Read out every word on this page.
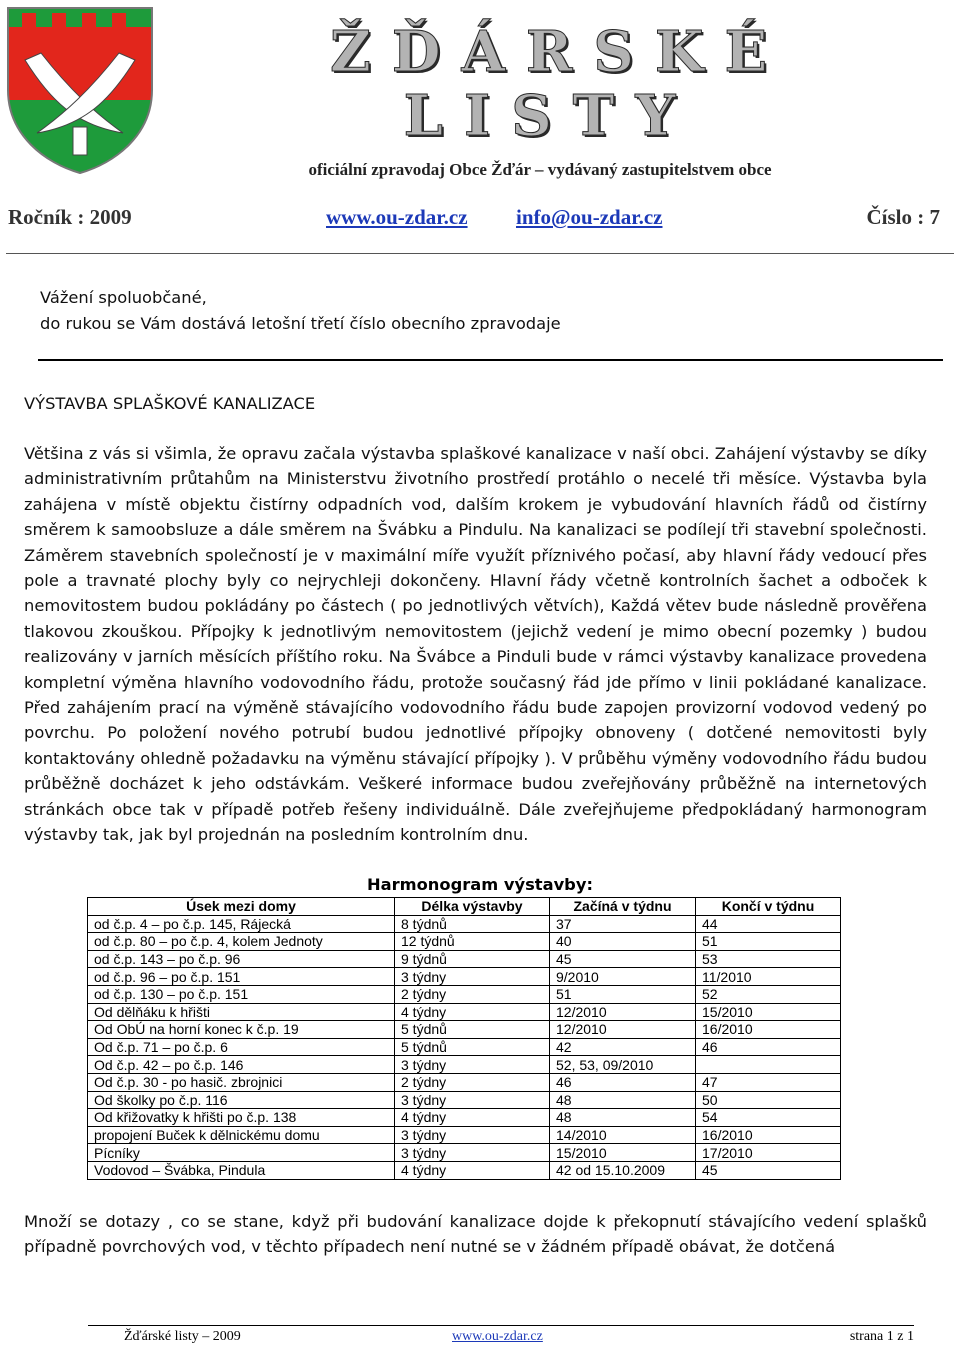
ŽĎÁRSKÉ
LISTY
oficiální zpravodaj Obce Žďár – vydávaný zastupitelstvem obce
Ročník : 2009	www.ou-zdar.cz info@ou-zdar.cz	Číslo : 7
Vážení spoluobčané,
do rukou se Vám dostává letošní třetí číslo obecního zpravodaje
VÝSTAVBA SPLAŠKOVÉ KANALIZACE

Většina z vás si všimla, že opravu začala výstavba splaškové kanalizace v naší obci. Zahájení výstavby se díky administrativním průtahům na Ministerstvu životního prostředí protáhlo o necelé tři měsíce. Výstavba byla zahájena v místě objektu čistírny odpadních vod, dalším krokem je vybudování hlavních řádů od čistírny směrem k samoobsluze a dále směrem na Švábku a Pindulu. Na kanalizaci se podílejí tři stavební společnosti. Záměrem stavebních společností je v maximální míře využít příznivého počasí, aby hlavní řády vedoucí přes pole a travnaté plochy byly co nejrychleji dokončeny. Hlavní řády včetně kontrolních šachet a odboček k nemovitostem budou pokládány po částech ( po jednotlivých větvích), Každá větev bude následně prověřena tlakovou zkouškou. Přípojky k jednotlivým nemovitostem (jejichž vedení je mimo obecní pozemky ) budou realizovány v jarních měsících příštího roku. Na Švábce a Pinduli bude v rámci výstavby kanalizace provedena kompletní výměna hlavního vodovodního řádu, protože současný řád jde přímo v linii pokládané kanalizace. Před zahájením prací na výměně stávajícího vodovodního řádu bude zapojen provizorní vodovod vedený po povrchu. Po položení nového potrubí budou jednotlivé přípojky obnoveny ( dotčené nemovitosti byly kontaktovány ohledně požadavku na výměnu stávající přípojky ). V průběhu výměny vodovodního řádu budou průběžně docházet k jeho odstávkám. Veškeré informace budou zveřejňovány průběžně na internetových stránkách obce tak v případě potřeb řešeny individuálně. Dále zveřejňujeme předpokládaný harmonogram výstavby tak, jak byl projednán na posledním kontrolním dnu.

Harmonogram výstavby:
Úsek mezi domy	Délka výstavby	Začíná v týdnu	Končí v týdnu
od č.p. 4 – po č.p. 145, Rájecká	8 týdnů	37	44
od č.p. 80 – po č.p. 4, kolem Jednoty	12 týdnů	40	51
od č.p. 143 – po č.p. 96	9 týdnů	45	53
od č.p. 96 – po č.p. 151	3 týdny	9/2010	11/2010
od č.p. 130 – po č.p. 151	2 týdny	51	52
Od dělňáku k hřišti	4 týdny	12/2010	15/2010
Od ObÚ na horní konec k č.p. 19	5 týdnů	12/2010	16/2010
Od č.p. 71 – po č.p. 6	5 týdnů	42	46
Od č.p. 42 – po č.p. 146	3 týdny	52, 53, 09/2010	
Od č.p. 30 - po hasič. zbrojnici	2 týdny	46	47
Od školky po č.p. 116	3 týdny	48	50
Od křižovatky k hřišti po č.p. 138	4 týdny	48	54
propojení Buček k dělnickému domu	3 týdny	14/2010	16/2010
Pícníky	3 týdny	15/2010	17/2010
Vodovod – Švábka, Pindula	4 týdny	42 od 15.10.2009	45
Množí se dotazy , co se stane, když při budování kanalizace dojde k překopnutí stávajícího vedení splašků případně povrchových vod, v těchto případech není nutné se v žádném případě obávat, že dotčená
Žďárské listy – 2009	www.ou-zdar.cz	strana 1 z 1
